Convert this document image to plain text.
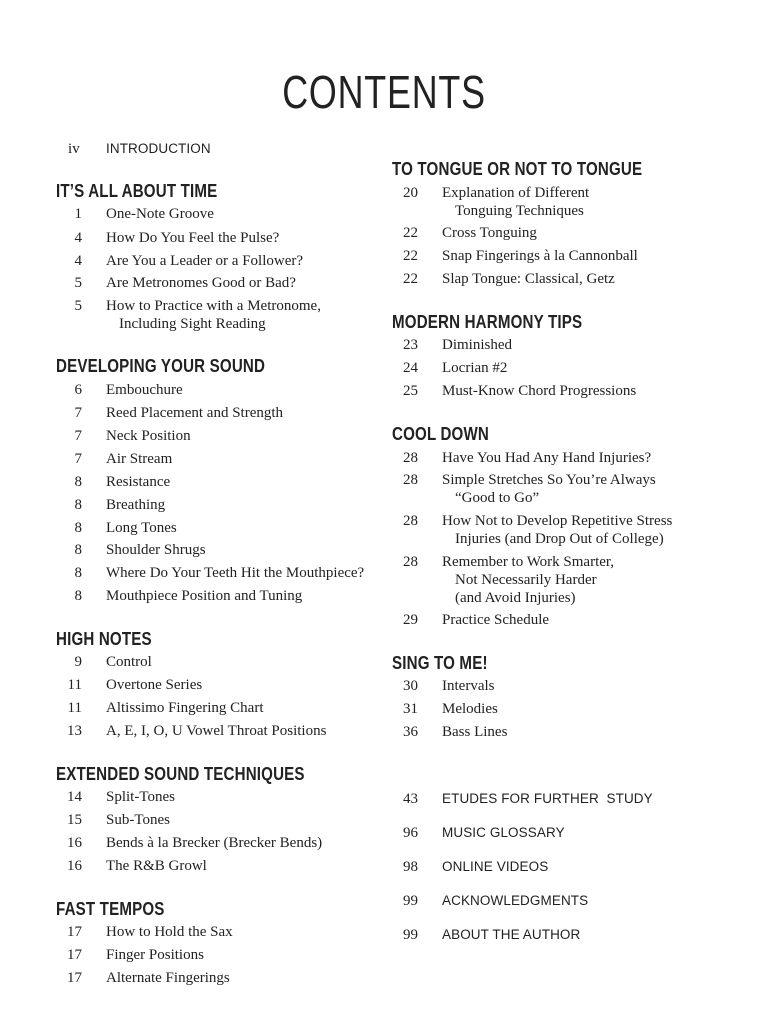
CONTENTS
iv	INTRODUCTION
IT’S ALL ABOUT TIME
1 One-Note Groove
4 How Do You Feel the Pulse?
4 Are You a Leader or a Follower?
5 Are Metronomes Good or Bad?
5 How to Practice with a Metronome,
Including Sight Reading
DEVELOPING YOUR SOUND
6 Embouchure
7 Reed Placement and Strength
7 Neck Position
7 Air Stream
8 Resistance
8 Breathing
8 Long Tones
8 Shoulder Shrugs
8 Where Do Your Teeth Hit the Mouthpiece?
8 Mouthpiece Position and Tuning
HIGH NOTES
9 Control
11 Overtone Series
11 Altissimo Fingering Chart
13 A, E, I, O, U Vowel Throat Positions
EXTENDED SOUND TECHNIQUES
14 Split-Tones
15 Sub-Tones
16 Bends à la Brecker (Brecker Bends)
16 The R&B Growl
FAST TEMPOS
17 How to Hold the Sax
17 Finger Positions
17 Alternate Fingerings
TO TONGUE OR NOT TO TONGUE
20 Explanation of Different
Tonguing Techniques
22 Cross Tonguing
22 Snap Fingerings à la Cannonball
22 Slap Tongue: Classical, Getz
MODERN HARMONY TIPS
23 Diminished
24 Locrian #2
25 Must-Know Chord Progressions
COOL DOWN
28 Have You Had Any Hand Injuries?
28 Simple Stretches So You’re Always
“Good to Go”
28 How Not to Develop Repetitive Stress
Injuries (and Drop Out of College)
28 Remember to Work Smarter,
Not Necessarily Harder
(and Avoid Injuries)
29 Practice Schedule
SING TO ME!
30 Intervals
31 Melodies
36 Bass Lines
43 ETUDES FOR FURTHER  STUDY
96 MUSIC GLOSSARY
98 ONLINE VIDEOS
99 ACKNOWLEDGMENTS
99 ABOUT THE AUTHOR
